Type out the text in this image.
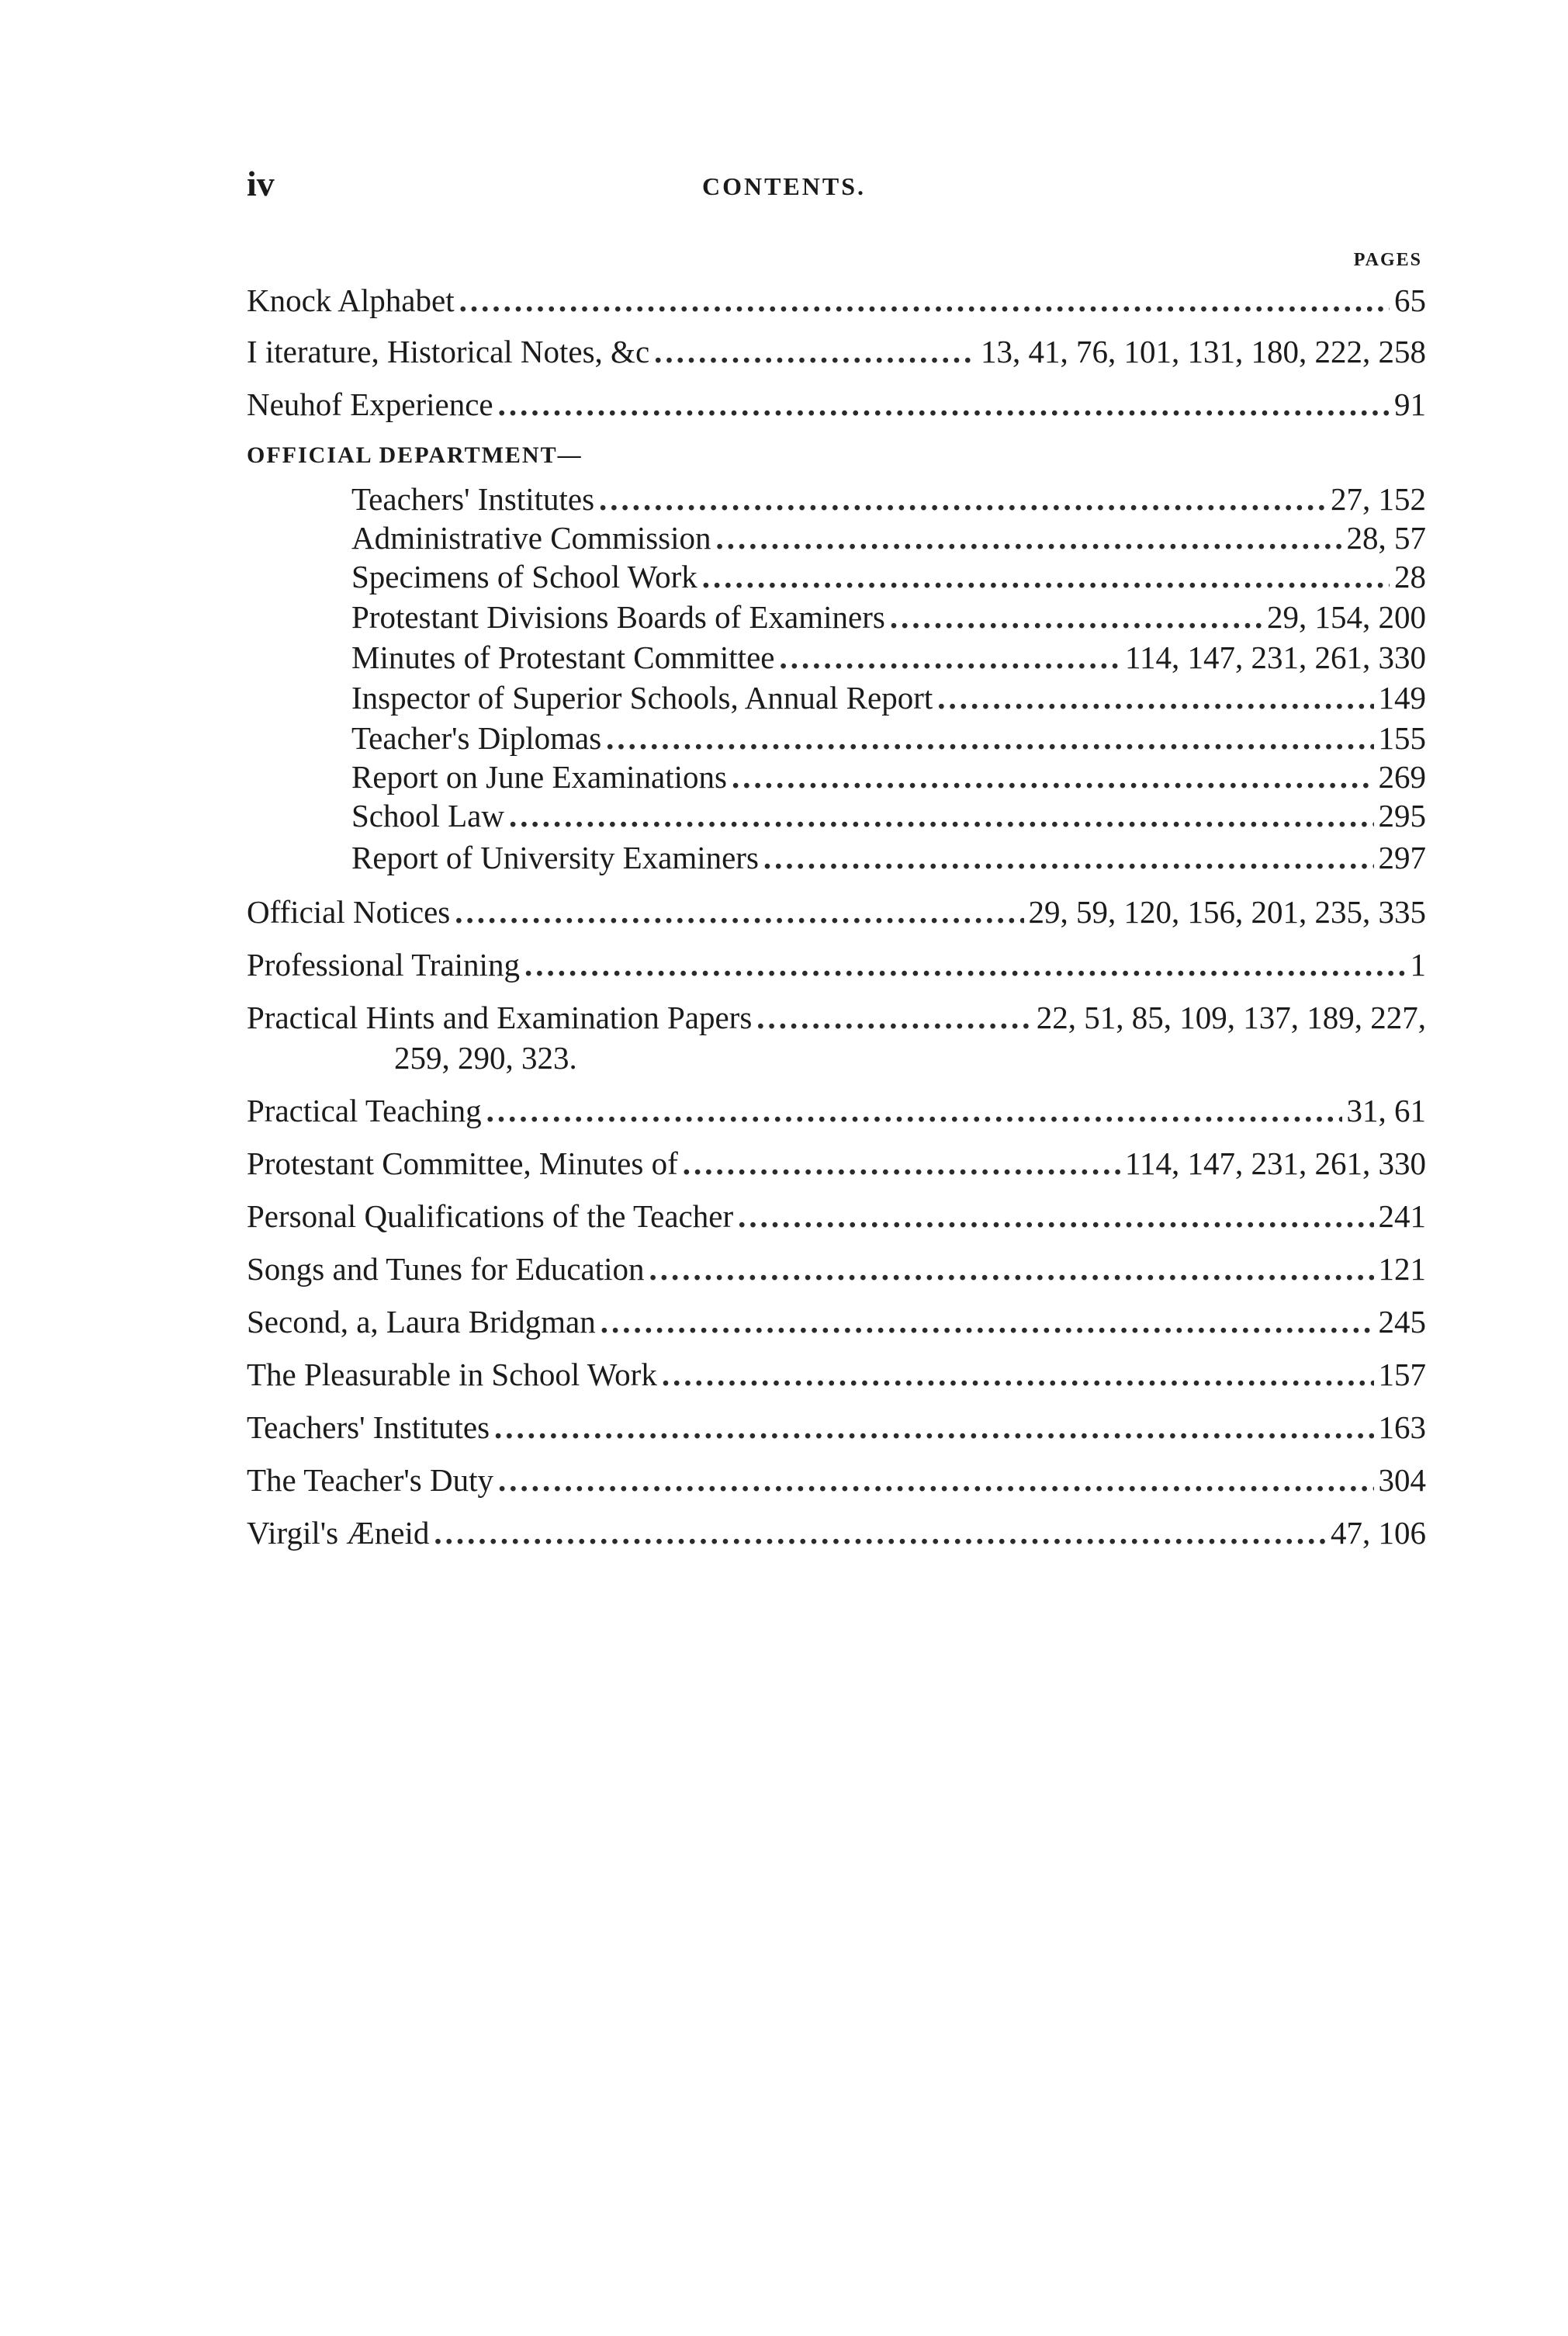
iv	CONTENTS.
PAGES
Knock Alphabet .....	65
I iterature, Historical Notes, &c .....	13, 41, 76, 101, 131, 180, 222, 258
Neuhof Experience .....	91
OFFICIAL DEPARTMENT—
Teachers' Institutes .....	27, 152
Administrative Commission .....	28, 57
Specimens of School Work .....	28
Protestant Divisions Boards of Examiners .....	29, 154, 200
Minutes of Protestant Committee .....	114, 147, 231, 261, 330
Inspector of Superior Schools, Annual Report .....	149
Teacher's Diplomas .....	155
Report on June Examinations .....	269
School Law .....	295
Report of University Examiners .....	297
Official Notices .....	29, 59, 120, 156, 201, 235, 335
Professional Training .....	1
Practical Hints and Examination Papers .....	22, 51, 85, 109, 137, 189, 227,
259, 290, 323.
Practical Teaching .....	31, 61
Protestant Committee, Minutes of .....	114, 147, 231, 261, 330
Personal Qualifications of the Teacher .....	241
Songs and Tunes for Education .....	121
Second, a, Laura Bridgman .....	245
The Pleasurable in School Work .....	157
Teachers' Institutes .....	163
The Teacher's Duty .....	304
Virgil's Æneid .....	47, 106
